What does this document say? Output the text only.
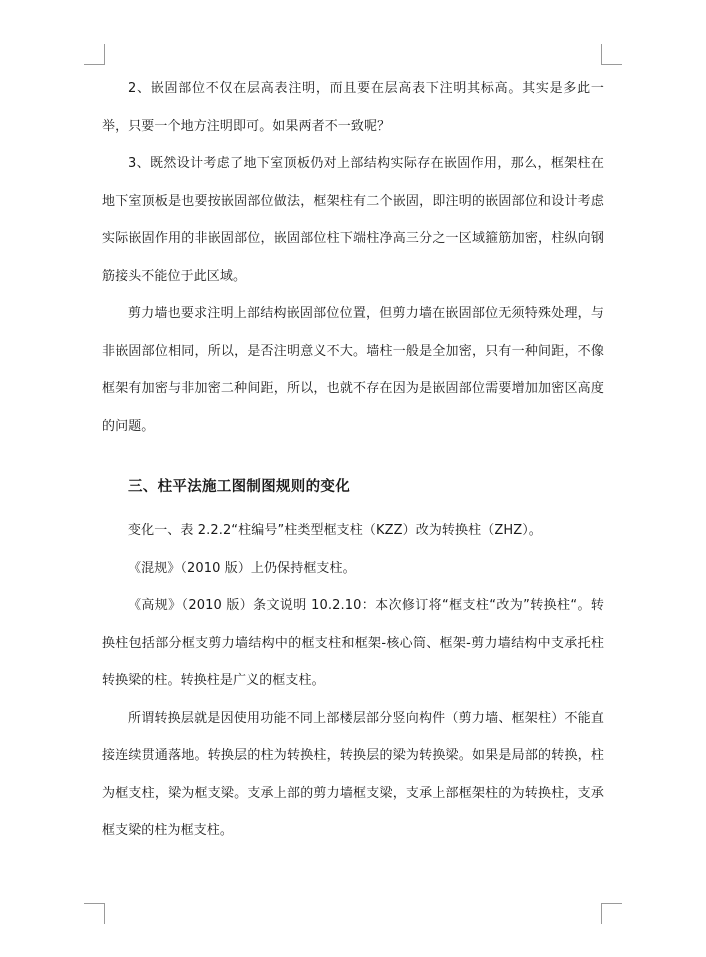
2、嵌固部位不仅在层高表注明，而且要在层高表下注明其标高。其实是多此一举，只要一个地方注明即可。如果两者不一致呢？

3、既然设计考虑了地下室顶板仍对上部结构实际存在嵌固作用，那么，框架柱在地下室顶板是也要按嵌固部位做法，框架柱有二个嵌固，即注明的嵌固部位和设计考虑实际嵌固作用的非嵌固部位，嵌固部位柱下端柱净高三分之一区域箍筋加密，柱纵向钢筋接头不能位于此区域。

剪力墙也要求注明上部结构嵌固部位位置，但剪力墙在嵌固部位无须特殊处理，与非嵌固部位相同，所以，是否注明意义不大。墙柱一般是全加密，只有一种间距，不像框架有加密与非加密二种间距，所以，也就不存在因为是嵌固部位需要增加加密区高度的问题。

三、柱平法施工图制图规则的变化

变化一、表 2.2.2“柱编号”柱类型框支柱（KZZ）改为转换柱（ZHZ）。

《混规》（2010 版）上仍保持框支柱。

《高规》（2010 版）条文说明 10.2.10：本次修订将“框支柱“改为”转换柱“。转换柱包括部分框支剪力墙结构中的框支柱和框架-核心筒、框架-剪力墙结构中支承托柱转换梁的柱。转换柱是广义的框支柱。

所谓转换层就是因使用功能不同上部楼层部分竖向构件（剪力墙、框架柱）不能直接连续贯通落地。转换层的柱为转换柱，转换层的梁为转换梁。如果是局部的转换，柱为框支柱，梁为框支梁。支承上部的剪力墙框支梁，支承上部框架柱的为转换柱，支承框支梁的柱为框支柱。
